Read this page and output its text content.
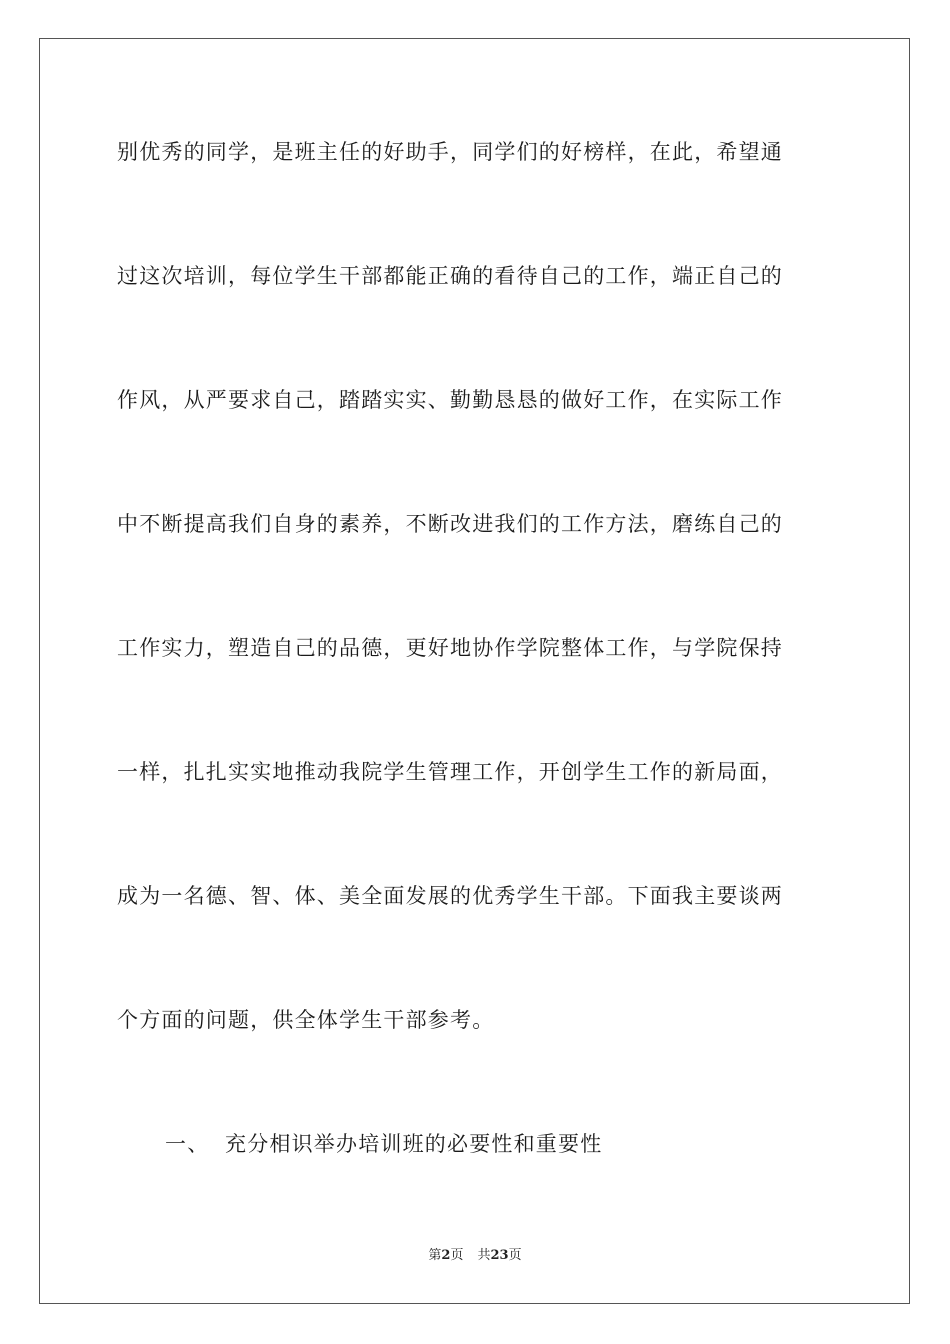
别优秀的同学，是班主任的好助手，同学们的好榜样，在此，希望通
过这次培训，每位学生干部都能正确的看待自己的工作，端正自己的
作风，从严要求自己，踏踏实实、勤勤恳恳的做好工作，在实际工作
中不断提高我们自身的素养，不断改进我们的工作方法，磨练自己的
工作实力，塑造自己的品德，更好地协作学院整体工作，与学院保持
一样，扎扎实实地推动我院学生管理工作，开创学生工作的新局面，
成为一名德、智、体、美全面发展的优秀学生干部。下面我主要谈两
个方面的问题，供全体学生干部参考。
一、 充分相识举办培训班的必要性和重要性
第2页 共23页
